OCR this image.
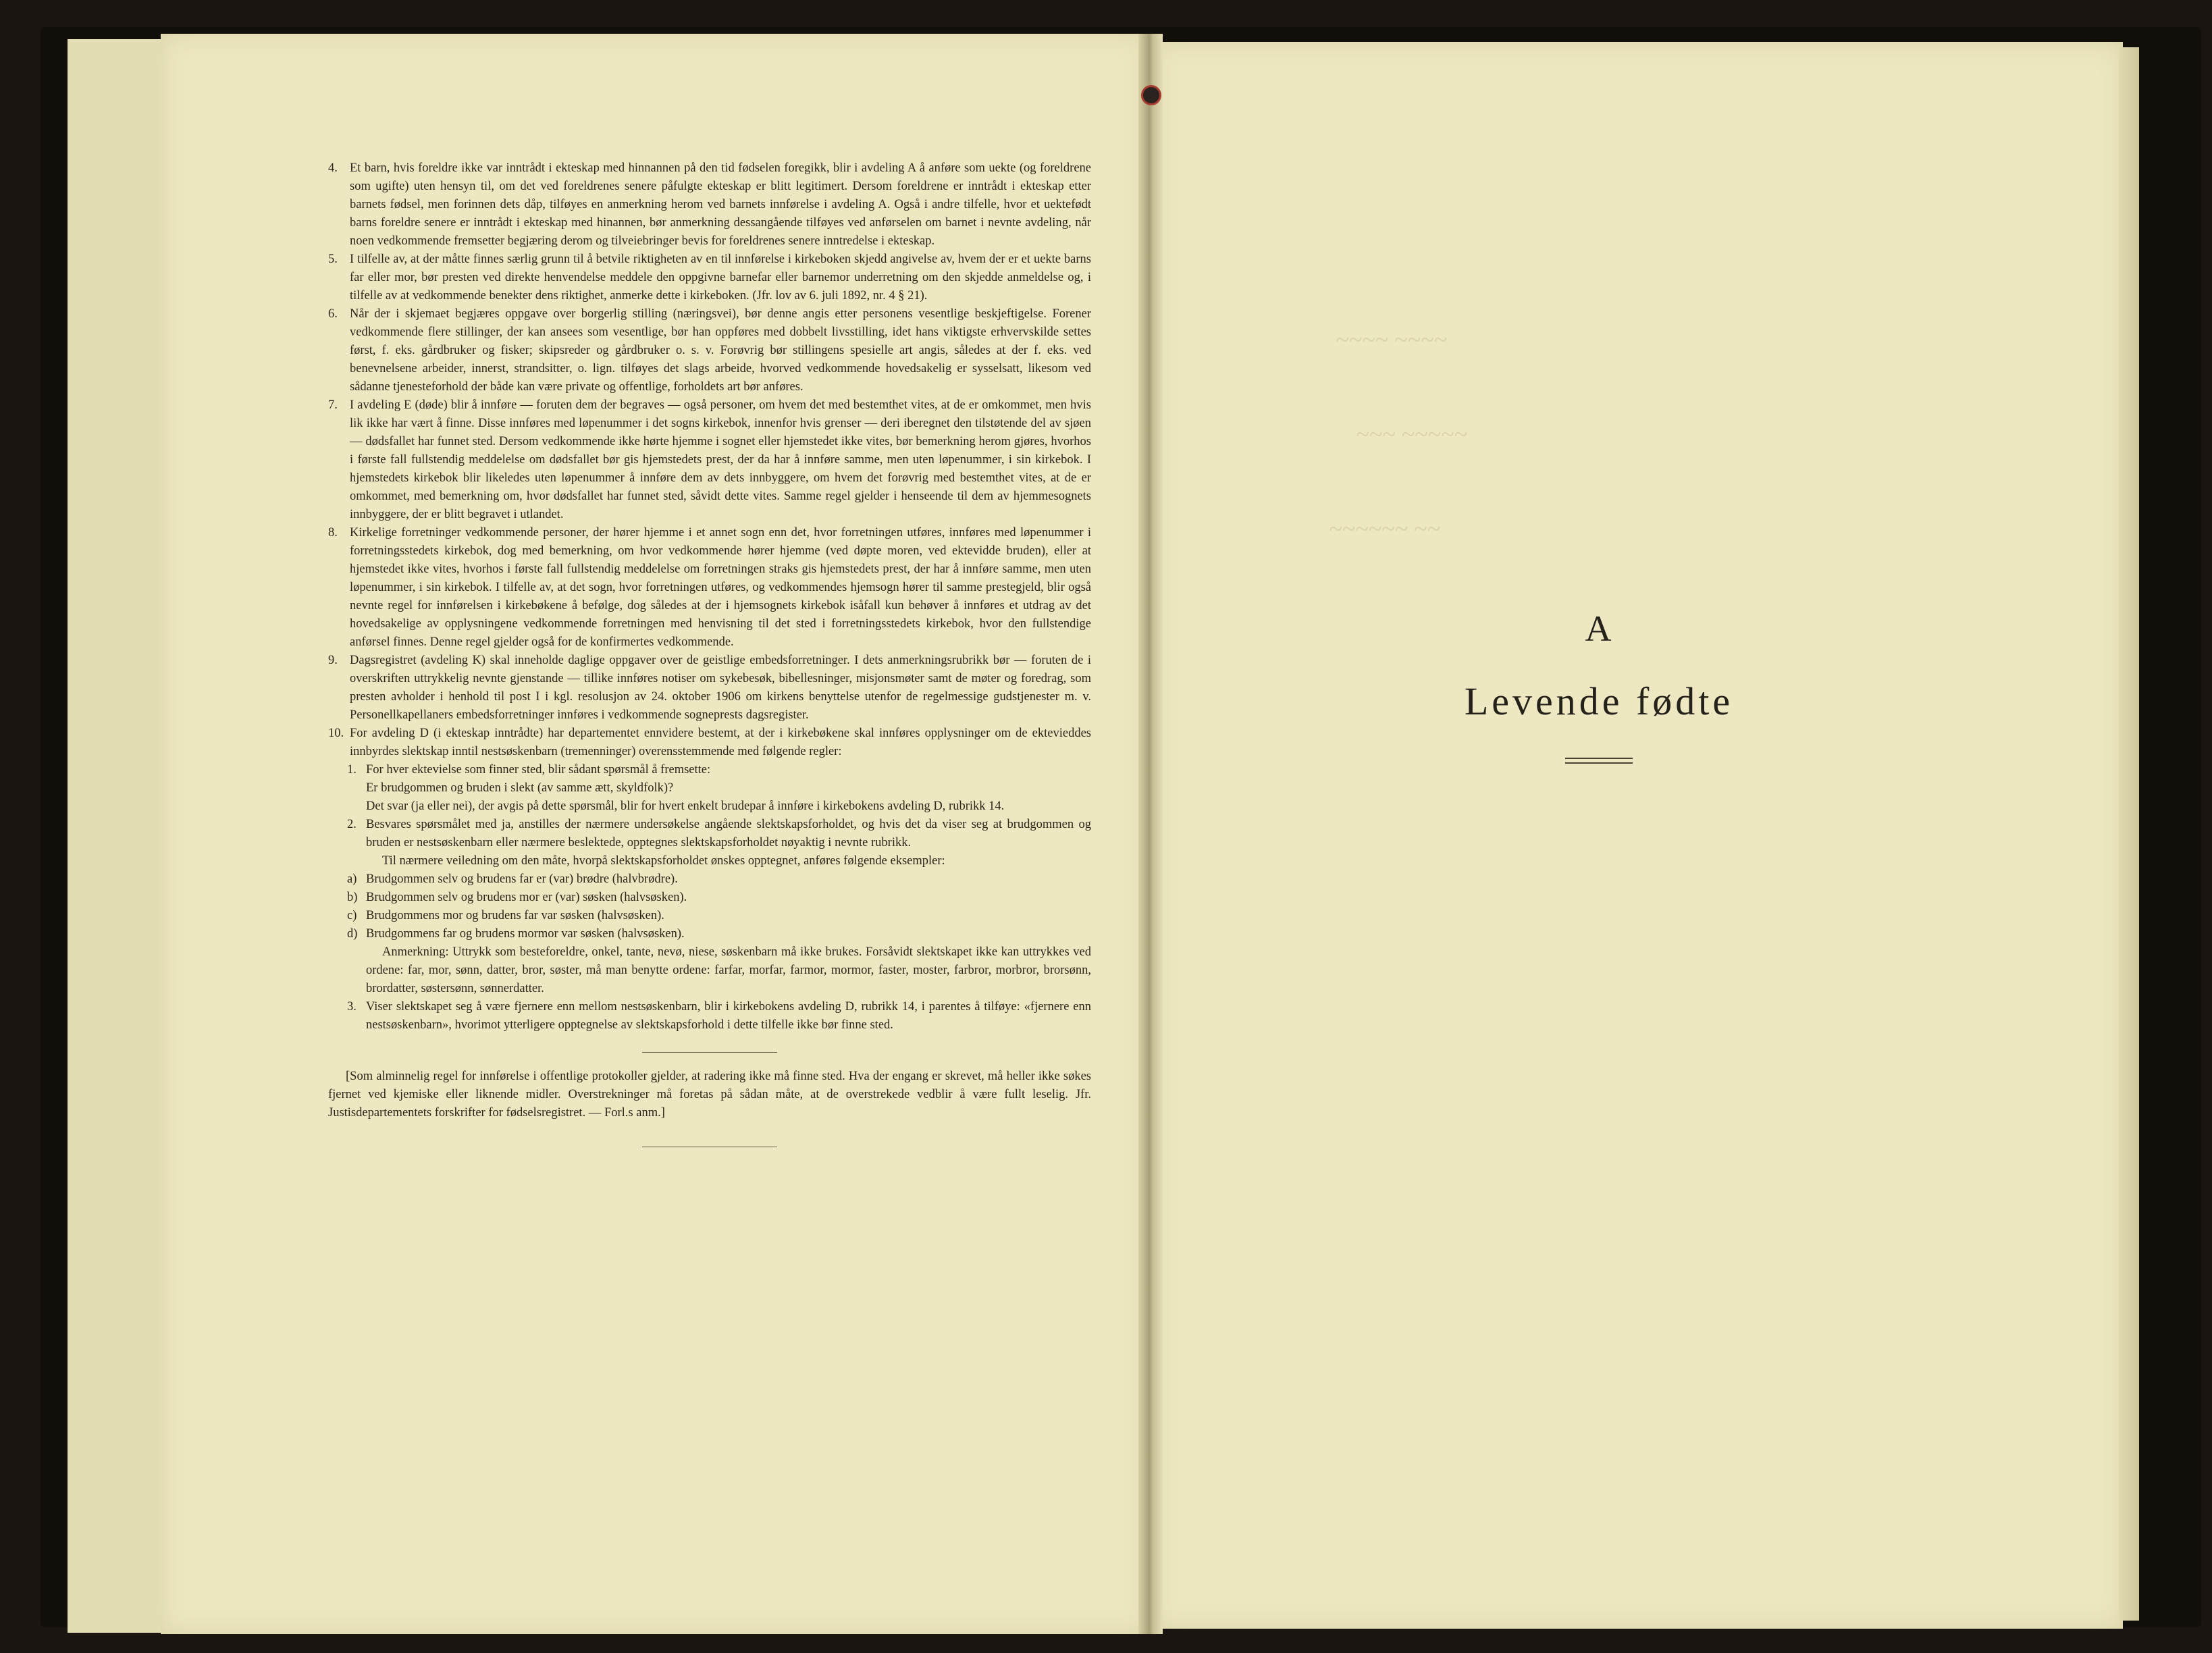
~~~~ ~~~~
~~~ ~~~~~
~~~~~~ ~~
4. Et barn, hvis foreldre ikke var inntrådt i ekteskap med hinnannen på den tid fødselen foregikk, blir i avdeling A å anføre som uekte (og foreldrene som ugifte) uten hensyn til, om det ved foreldrenes senere påfulgte ekteskap er blitt legitimert. Dersom foreldrene er inntrådt i ekteskap etter barnets fødsel, men forinnen dets dåp, tilføyes en anmerkning herom ved barnets innførelse i avdeling A. Også i andre tilfelle, hvor et uektefødt barns foreldre senere er inntrådt i ekteskap med hinannen, bør anmerkning dessangående tilføyes ved anførselen om barnet i nevnte avdeling, når noen vedkommende fremsetter begjæring derom og tilveiebringer bevis for foreldrenes senere inntredelse i ekteskap.
5. I tilfelle av, at der måtte finnes særlig grunn til å betvile riktigheten av en til innførelse i kirkeboken skjedd angivelse av, hvem der er et uekte barns far eller mor, bør presten ved direkte henvendelse meddele den oppgivne barnefar eller barnemor underretning om den skjedde anmeldelse og, i tilfelle av at vedkommende benekter dens riktighet, anmerke dette i kirkeboken. (Jfr. lov av 6. juli 1892, nr. 4 § 21).
6. Når der i skjemaet begjæres oppgave over borgerlig stilling (næringsvei), bør denne angis etter personens vesentlige beskjeftigelse. Forener vedkommende flere stillinger, der kan ansees som vesentlige, bør han oppføres med dobbelt livsstilling, idet hans viktigste erhvervskilde settes først, f. eks. gårdbruker og fisker; skipsreder og gårdbruker o. s. v. Forøvrig bør stillingens spesielle art angis, således at der f. eks. ved benevnelsene arbeider, innerst, strandsitter, o. lign. tilføyes det slags arbeide, hvorved vedkommende hovedsakelig er sysselsatt, likesom ved sådanne tjenesteforhold der både kan være private og offentlige, forholdets art bør anføres.
7. I avdeling E (døde) blir å innføre — foruten dem der begraves — også personer, om hvem det med bestemthet vites, at de er omkommet, men hvis lik ikke har vært å finne. Disse innføres med løpenummer i det sogns kirkebok, innenfor hvis grenser — deri iberegnet den tilstøtende del av sjøen — dødsfallet har funnet sted. Dersom vedkommende ikke hørte hjemme i sognet eller hjemstedet ikke vites, bør bemerkning herom gjøres, hvorhos i første fall fullstendig meddelelse om dødsfallet bør gis hjemstedets prest, der da har å innføre samme, men uten løpenummer, i sin kirkebok. I hjemstedets kirkebok blir likeledes uten løpenummer å innføre dem av dets innbyggere, om hvem det forøvrig med bestemthet vites, at de er omkommet, med bemerkning om, hvor dødsfallet har funnet sted, såvidt dette vites. Samme regel gjelder i henseende til dem av hjemmesognets innbyggere, der er blitt begravet i utlandet.
8. Kirkelige forretninger vedkommende personer, der hører hjemme i et annet sogn enn det, hvor forretningen utføres, innføres med løpenummer i forretningsstedets kirkebok, dog med bemerkning, om hvor vedkommende hører hjemme (ved døpte moren, ved ektevidde bruden), eller at hjemstedet ikke vites, hvorhos i første fall fullstendig meddelelse om forretningen straks gis hjemstedets prest, der har å innføre samme, men uten løpenummer, i sin kirkebok. I tilfelle av, at det sogn, hvor forretningen utføres, og vedkommendes hjemsogn hører til samme prestegjeld, blir også nevnte regel for innførelsen i kirkebøkene å befølge, dog således at der i hjemsognets kirkebok isåfall kun behøver å innføres et utdrag av det hovedsakelige av opplysningene vedkommende forretningen med henvisning til det sted i forretningsstedets kirkebok, hvor den fullstendige anførsel finnes. Denne regel gjelder også for de konfirmertes vedkommende.
9. Dagsregistret (avdeling K) skal inneholde daglige oppgaver over de geistlige embedsforretninger. I dets anmerkningsrubrikk bør — foruten de i overskriften uttrykkelig nevnte gjenstande — tillike innføres notiser om sykebesøk, bibellesninger, misjonsmøter samt de møter og foredrag, som presten avholder i henhold til post I i kgl. resolusjon av 24. oktober 1906 om kirkens benyttelse utenfor de regelmessige gudstjenester m. v. Personellkapellaners embedsforretninger innføres i vedkommende sogneprests dagsregister.
10. For avdeling D (i ekteskap inntrådte) har departementet ennvidere bestemt, at der i kirkebøkene skal innføres opplysninger om de ektevieddes innbyrdes slektskap inntil nestsøskenbarn (tremenninger) overensstemmende med følgende regler:
1. For hver ektevielse som finner sted, blir sådant spørsmål å fremsette:
Er brudgommen og bruden i slekt (av samme ætt, skyldfolk)?
Det svar (ja eller nei), der avgis på dette spørsmål, blir for hvert enkelt brudepar å innføre i kirkebokens avdeling D, rubrikk 14.
2. Besvares spørsmålet med ja, anstilles der nærmere undersøkelse angående slektskapsforholdet, og hvis det da viser seg at brudgommen og bruden er nestsøskenbarn eller nærmere beslektede, opptegnes slektskapsforholdet nøyaktig i nevnte rubrikk.
Til nærmere veiledning om den måte, hvorpå slektskapsforholdet ønskes opptegnet, anføres følgende eksempler:
a) Brudgommen selv og brudens far er (var) brødre (halvbrødre).
b) Brudgommen selv og brudens mor er (var) søsken (halvsøsken).
c) Brudgommens mor og brudens far var søsken (halvsøsken).
d) Brudgommens far og brudens mormor var søsken (halvsøsken).
Anmerkning: Uttrykk som besteforeldre, onkel, tante, nevø, niese, søskenbarn må ikke brukes. Forsåvidt slektskapet ikke kan uttrykkes ved ordene: far, mor, sønn, datter, bror, søster, må man benytte ordene: farfar, morfar, farmor, mormor, faster, moster, farbror, morbror, brorsønn, brordatter, søstersønn, sønnerdatter.
3. Viser slektskapet seg å være fjernere enn mellom nestsøskenbarn, blir i kirkebokens avdeling D, rubrikk 14, i parentes å tilføye: «fjernere enn nestsøskenbarn», hvorimot ytterligere opptegnelse av slektskapsforhold i dette tilfelle ikke bør finne sted.
[Som alminnelig regel for innførelse i offentlige protokoller gjelder, at radering ikke må finne sted. Hva der engang er skrevet, må heller ikke søkes fjernet ved kjemiske eller liknende midler. Overstrekninger må foretas på sådan måte, at de overstrekede vedblir å være fullt leselig. Jfr. Justisdepartementets forskrifter for fødselsregistret. — Forl.s anm.]
A
Levende fødte
